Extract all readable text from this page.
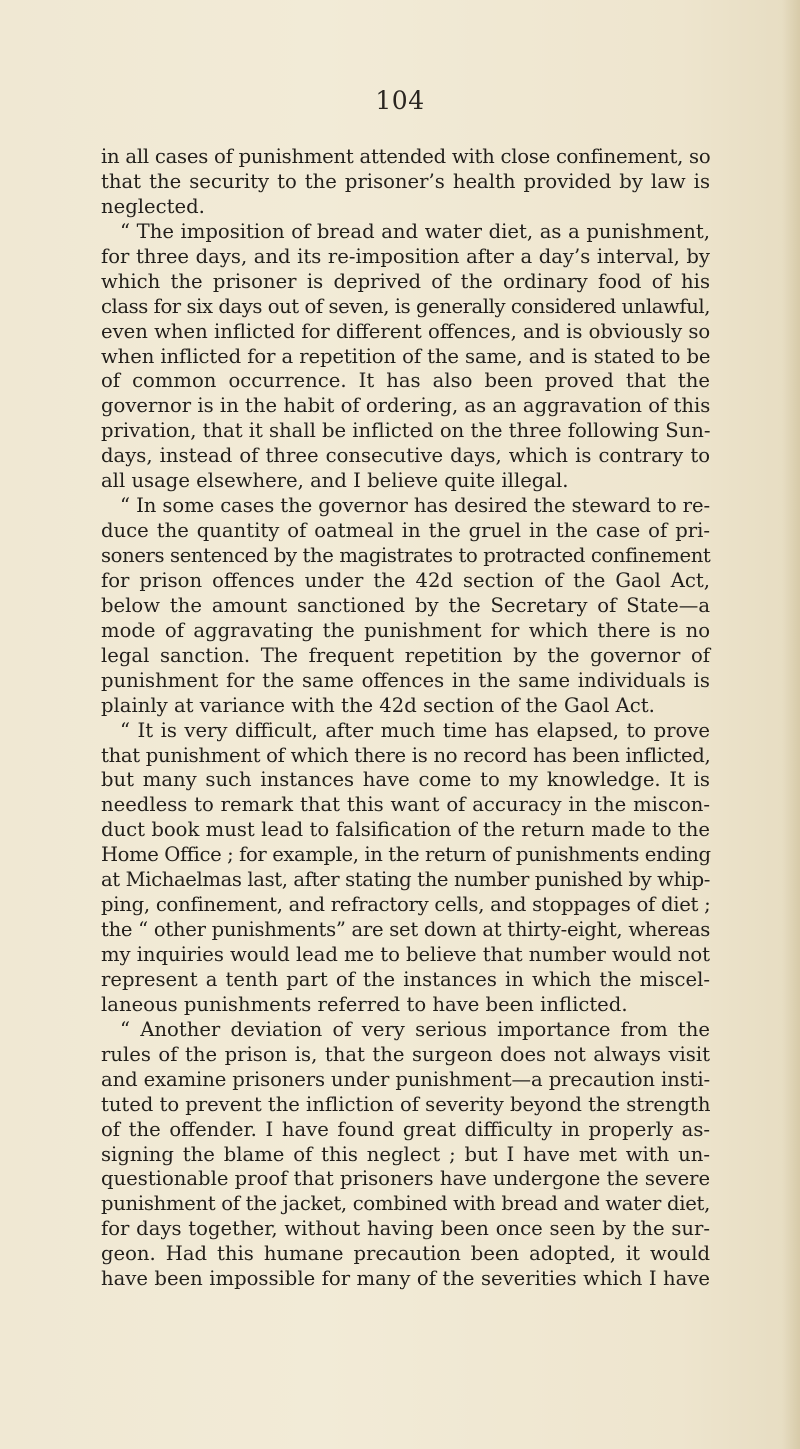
104
in all cases of punishment attended with close confinement, so
that the security to the prisoner’s health provided by law is
neglected.
“ The imposition of bread and water diet, as a punishment,
for three days, and its re-imposition after a day’s interval, by
which the prisoner is deprived of the ordinary food of his
class for six days out of seven, is generally considered unlawful,
even when inflicted for different offences, and is obviously so
when inflicted for a repetition of the same, and is stated to be
of common occurrence. It has also been proved that the
governor is in the habit of ordering, as an aggravation of this
privation, that it shall be inflicted on the three following Sun-
days, instead of three consecutive days, which is contrary to
all usage elsewhere, and I believe quite illegal.
“ In some cases the governor has desired the steward to re-
duce the quantity of oatmeal in the gruel in the case of pri-
soners sentenced by the magistrates to protracted confinement
for prison offences under the 42d section of the Gaol Act,
below the amount sanctioned by the Secretary of State—a
mode of aggravating the punishment for which there is no
legal sanction. The frequent repetition by the governor of
punishment for the same offences in the same individuals is
plainly at variance with the 42d section of the Gaol Act.
“ It is very difficult, after much time has elapsed, to prove
that punishment of which there is no record has been inflicted,
but many such instances have come to my knowledge. It is
needless to remark that this want of accuracy in the miscon-
duct book must lead to falsification of the return made to the
Home Office ; for example, in the return of punishments ending
at Michaelmas last, after stating the number punished by whip-
ping, confinement, and refractory cells, and stoppages of diet ;
the “ other punishments” are set down at thirty-eight, whereas
my inquiries would lead me to believe that number would not
represent a tenth part of the instances in which the miscel-
laneous punishments referred to have been inflicted.
“ Another deviation of very serious importance from the
rules of the prison is, that the surgeon does not always visit
and examine prisoners under punishment—a precaution insti-
tuted to prevent the infliction of severity beyond the strength
of the offender. I have found great difficulty in properly as-
signing the blame of this neglect ; but I have met with un-
questionable proof that prisoners have undergone the severe
punishment of the jacket, combined with bread and water diet,
for days together, without having been once seen by the sur-
geon. Had this humane precaution been adopted, it would
have been impossible for many of the severities which I have
